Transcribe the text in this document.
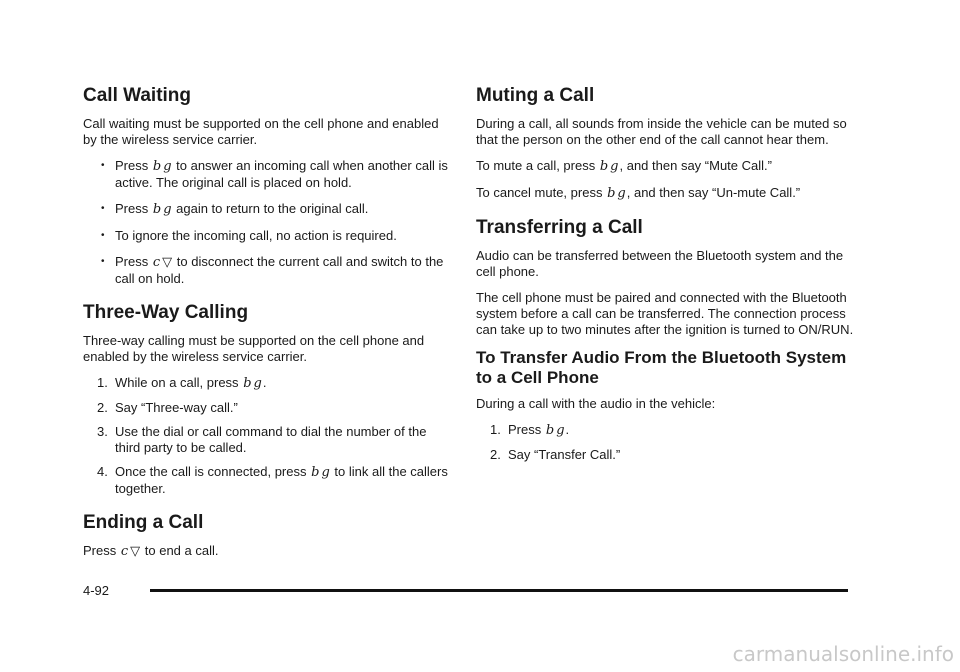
Call Waiting

Call waiting must be supported on the cell phone and enabled by the wireless service carrier.

• Press b g to answer an incoming call when another call is active. The original call is placed on hold.
• Press b g again to return to the original call.
• To ignore the incoming call, no action is required.
• Press c ▽ to disconnect the current call and switch to the call on hold.
Three-Way Calling

Three-way calling must be supported on the cell phone and enabled by the wireless service carrier.

1. While on a call, press b g.
2. Say “Three-way call.”
3. Use the dial or call command to dial the number of the third party to be called.
4. Once the call is connected, press b g to link all the callers together.
Ending a Call

Press c ▽ to end a call.

Muting a Call

During a call, all sounds from inside the vehicle can be muted so that the person on the other end of the call cannot hear them.

To mute a call, press b g, and then say “Mute Call.”

To cancel mute, press b g, and then say “Un-mute Call.”

Transferring a Call

Audio can be transferred between the Bluetooth system and the cell phone.

The cell phone must be paired and connected with the Bluetooth system before a call can be transferred. The connection process can take up to two minutes after the ignition is turned to ON/RUN.

To Transfer Audio From the Bluetooth System to a Cell Phone

During a call with the audio in the vehicle:

1. Press b g.
2. Say “Transfer Call.”
4-92
carmanualsonline.info
